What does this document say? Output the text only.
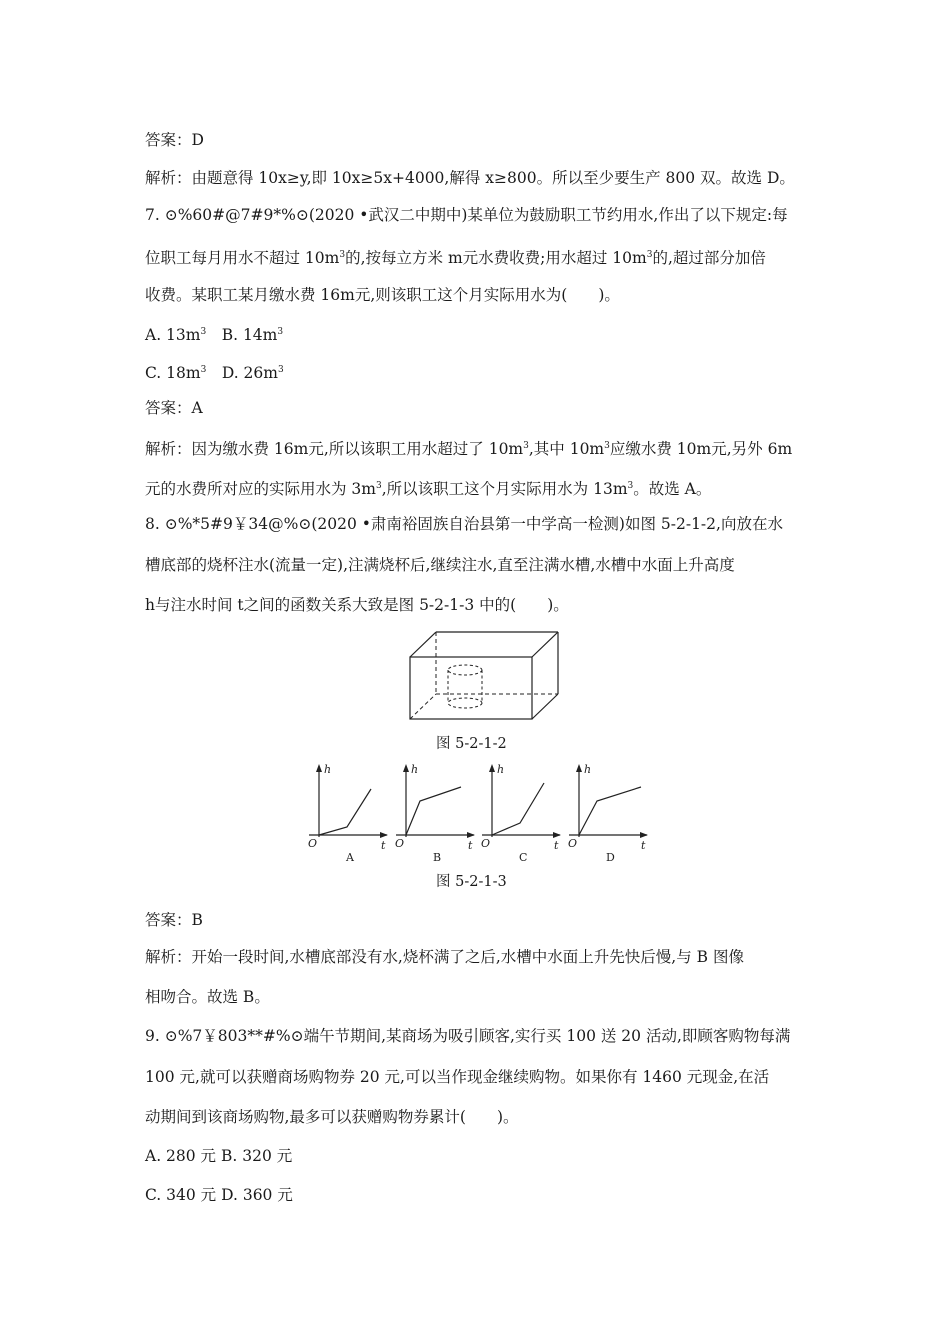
答案：D
解析：由题意得 10x≥y,即 10x≥5x+4000,解得 x≥800。所以至少要生产 800 双。故选 D。
7. ⊙%60#@7#9*%⊙(2020 •武汉二中期中)某单位为鼓励职工节约用水,作出了以下规定:每
位职工每月用水不超过 $10m^3$的,按每立方米 m元水费收费;用水超过 $10m^3$的,超过部分加倍
收费。某职工某月缴水费 16m元,则该职工这个月实际用水为(　　)。
A. $13m^3$　B. $14m^3$
C. $18m^3$　D. $26m^3$
答案：A
解析：因为缴水费 16m元,所以该职工用水超过了 $10m^3$,其中 $10m^3$应缴水费 10m元,另外 6m
元的水费所对应的实际用水为 $3m^3$,所以该职工这个月实际用水为 $13m^3$。故选 A。
8. ⊙%*5#9￥34@%⊙(2020 •肃南裕固族自治县第一中学高一检测)如图 5-2-1-2,向放在水
槽底部的烧杯注水(流量一定),注满烧杯后,继续注水,直至注满水槽,水槽中水面上升高度
h与注水时间 t之间的函数关系大致是图 5-2-1-3 中的(　　)。
图 5-2-1-2
h
t
O
A
h
t
O
B
h
t
O
C
h
t
O
D
图 5-2-1-3
答案：B
解析：开始一段时间,水槽底部没有水,烧杯满了之后,水槽中水面上升先快后慢,与 B 图像
相吻合。故选 B。
9. ⊙%7￥803**#%⊙端午节期间,某商场为吸引顾客,实行买 100 送 20 活动,即顾客购物每满
100 元,就可以获赠商场购物券 20 元,可以当作现金继续购物。如果你有 1460 元现金,在活
动期间到该商场购物,最多可以获赠购物券累计(　　)。
A. 280 元 B. 320 元
C. 340 元 D. 360 元
